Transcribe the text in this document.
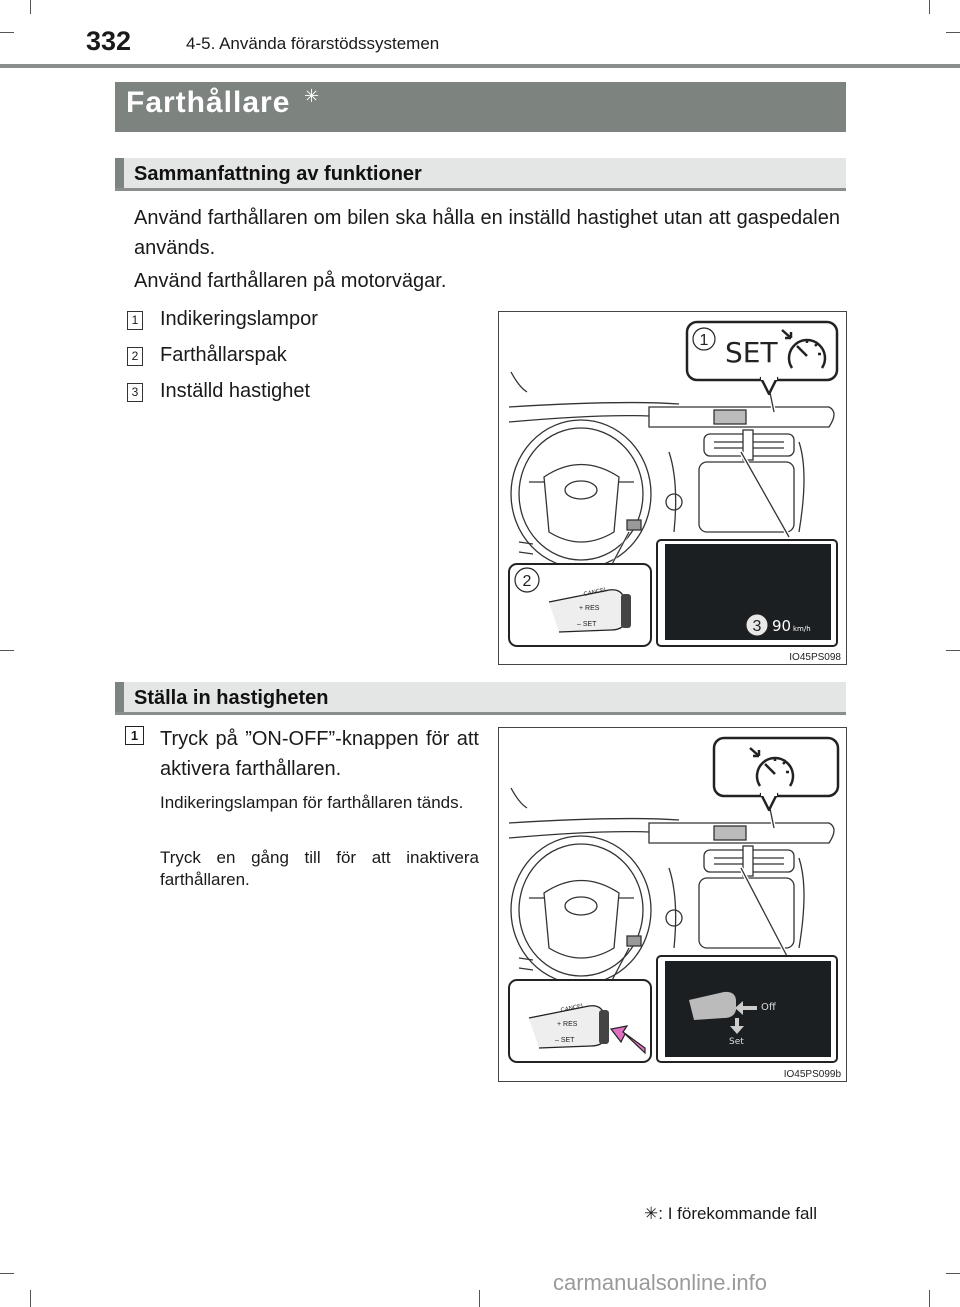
332	4-5. Använda förarstödssystemen
Farthållare ✳
Sammanfattning av funktioner
Använd farthållaren om bilen ska hålla en inställd hastighet utan att gaspedalen används.
Använd farthållaren på motorvägar.
1 Indikeringslampor
2 Farthållarspak
3 Inställd hastighet
1 SET
2
CANCEL
+ RES
– SET	3 90 km/h
IO45PS098
Ställa in hastigheten
1 Tryck på ”ON-OFF”-knappen för att aktivera farthållaren.
Indikeringslampan för farthållaren tänds.
Tryck en gång till för att inaktivera farthållaren.
CANCEL
+ RES
– SET
Off
Set
IO45PS099b
✳: I förekommande fall
carmanualsonline.info
